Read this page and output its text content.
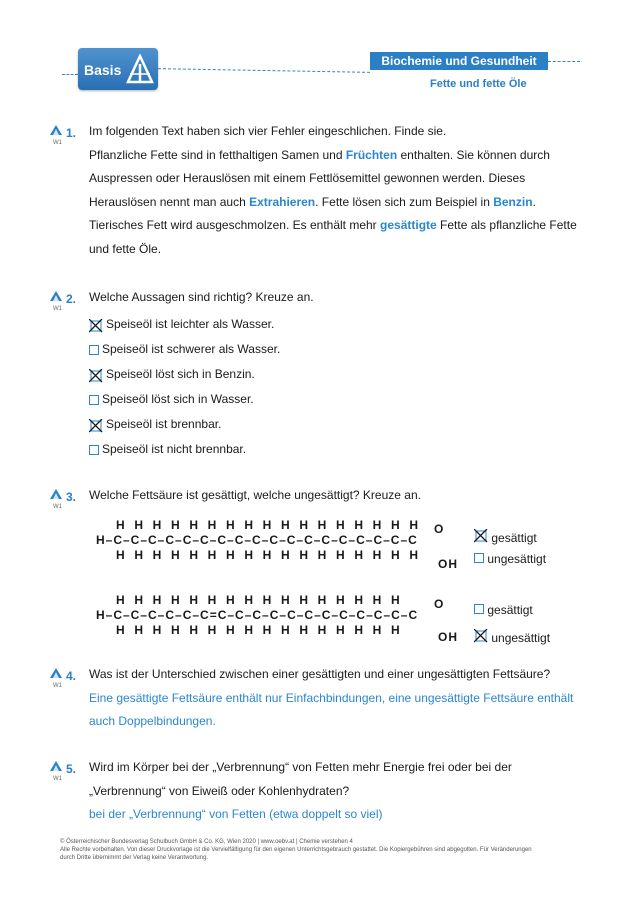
Basis
Biochemie und Gesundheit
Fette und fette Öle
W1
W1
W1
W1
W1
1. Im folgenden Text haben sich vier Fehler eingeschlichen. Finde sie.
Pflanzliche Fette sind in fetthaltigen Samen und Früchten enthalten. Sie können durch
Auspressen oder Herauslösen mit einem Fettlösemittel gewonnen werden. Dieses
Herauslösen nennt man auch Extrahieren. Fette lösen sich zum Beispiel in Benzin.
Tierisches Fett wird ausgeschmolzen. Es enthält mehr gesättigte Fette als pflanzliche Fette
und fette Öle.
2. Welche Aussagen sind richtig? Kreuze an.
Speiseöl ist leichter als Wasser.
Speiseöl ist schwerer als Wasser.
Speiseöl löst sich in Benzin.
Speiseöl löst sich in Wasser.
Speiseöl ist brennbar.
Speiseöl ist nicht brennbar.
3. Welche Fettsäure ist gesättigt, welche ungesättigt? Kreuze an.
H  H  H  H  H  H  H  H  H  H  H  H  H  H  H  H  H
H–C–C–C–C–C–C–C–C–C–C–C–C–C–C–C–C–C–C
H  H  H  H  H  H  H  H  H  H  H  H  H  H  H  H  H
O
OH
gesättigt
ungesättigt
H  H  H  H  H  H  H  H  H  H  H  H  H  H  H  H
H–C–C–C–C–C–C=C–C–C–C–C–C–C–C–C–C–C–C
H  H  H  H  H  H  H  H  H  H  H  H  H  H  H  H
O
OH
gesättigt
ungesättigt
4. Was ist der Unterschied zwischen einer gesättigten und einer ungesättigten Fettsäure?
Eine gesättigte Fettsäure enthält nur Einfachbindungen, eine ungesättigte Fettsäure enthält
auch Doppelbindungen.
5. Wird im Körper bei der „Verbrennung“ von Fetten mehr Energie frei oder bei der
„Verbrennung“ von Eiweiß oder Kohlenhydraten?
bei der „Verbrennung“ von Fetten (etwa doppelt so viel)
© Österreichischer Bundesverlag Schulbuch GmbH & Co. KG, Wien 2020 | www.oebv.at | Chemie verstehen 4
Alle Rechte vorbehalten. Von dieser Druckvorlage ist die Vervielfältigung für den eigenen Unterrichtsgebrauch gestattet. Die Kopiergebühren sind abgegolten. Für Veränderungen
durch Dritte übernimmt der Verlag keine Verantwortung.
